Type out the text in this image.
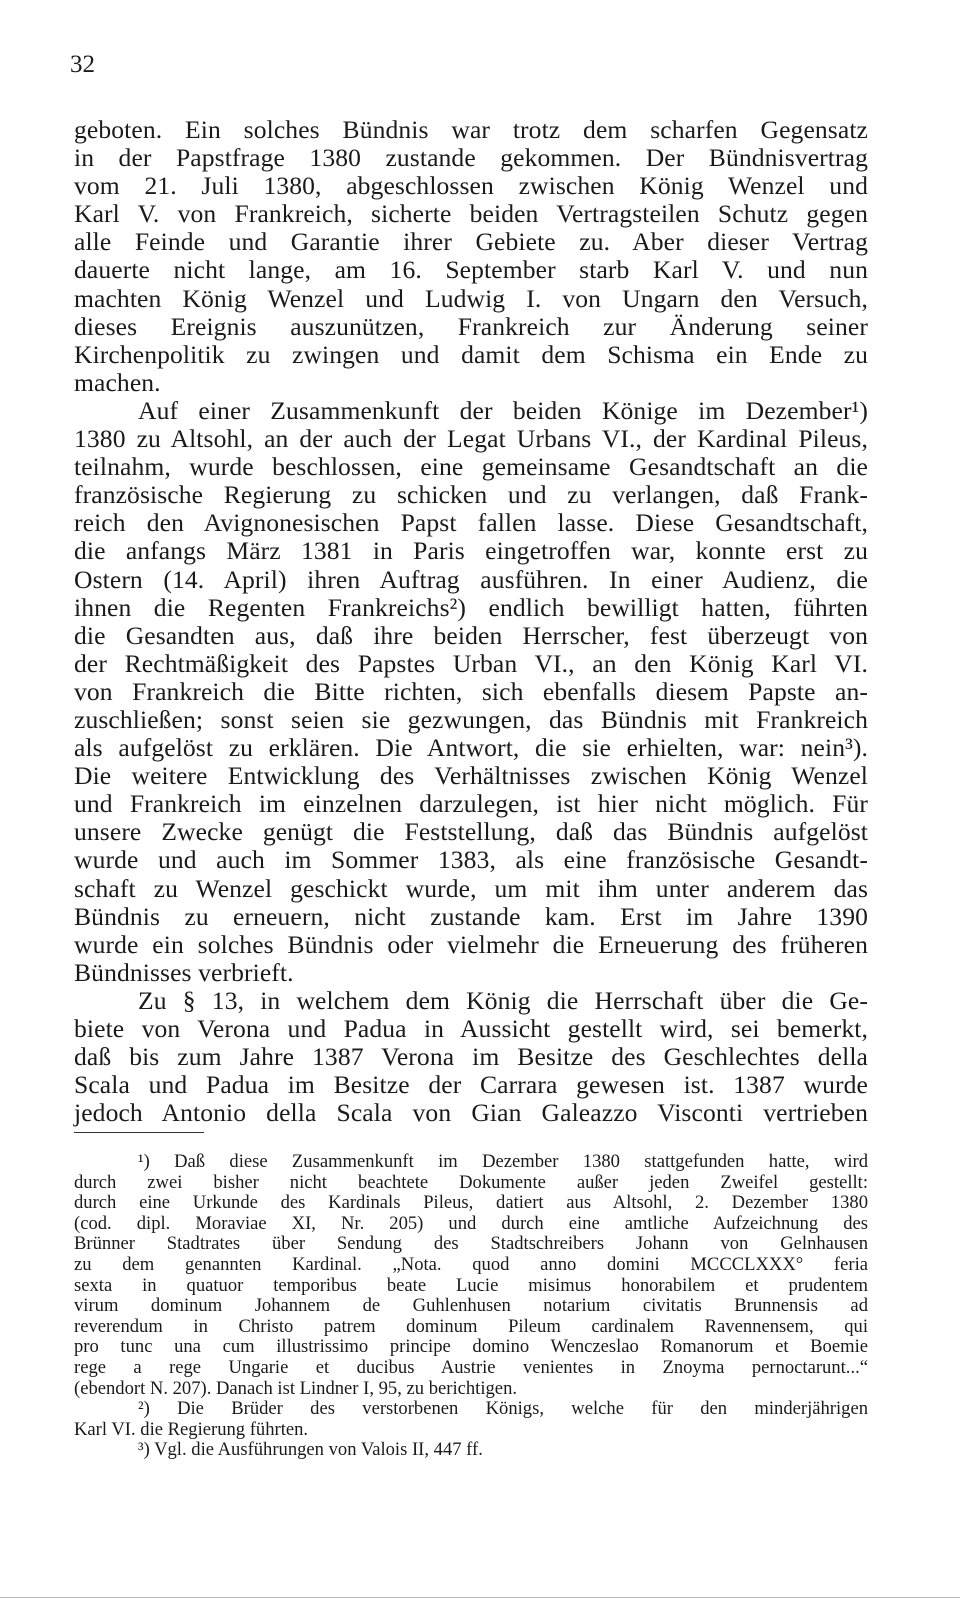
32
geboten. Ein solches Bündnis war trotz dem scharfen Gegensatz
in der Papstfrage 1380 zustande gekommen. Der Bündnisvertrag
vom 21. Juli 1380, abgeschlossen zwischen König Wenzel und
Karl V. von Frankreich, sicherte beiden Vertragsteilen Schutz gegen
alle Feinde und Garantie ihrer Gebiete zu. Aber dieser Vertrag
dauerte nicht lange, am 16. September starb Karl V. und nun
machten König Wenzel und Ludwig I. von Ungarn den Versuch,
dieses Ereignis auszunützen, Frankreich zur Änderung seiner
Kirchenpolitik zu zwingen und damit dem Schisma ein Ende zu
machen.
Auf einer Zusammenkunft der beiden Könige im Dezember¹)
1380 zu Altsohl, an der auch der Legat Urbans VI., der Kardinal Pileus,
teilnahm, wurde beschlossen, eine gemeinsame Gesandtschaft an die
französische Regierung zu schicken und zu verlangen, daß Frank-
reich den Avignonesischen Papst fallen lasse. Diese Gesandtschaft,
die anfangs März 1381 in Paris eingetroffen war, konnte erst zu
Ostern (14. April) ihren Auftrag ausführen. In einer Audienz, die
ihnen die Regenten Frankreichs²) endlich bewilligt hatten, führten
die Gesandten aus, daß ihre beiden Herrscher, fest überzeugt von
der Rechtmäßigkeit des Papstes Urban VI., an den König Karl VI.
von Frankreich die Bitte richten, sich ebenfalls diesem Papste an-
zuschließen; sonst seien sie gezwungen, das Bündnis mit Frankreich
als aufgelöst zu erklären. Die Antwort, die sie erhielten, war: nein³).
Die weitere Entwicklung des Verhältnisses zwischen König Wenzel
und Frankreich im einzelnen darzulegen, ist hier nicht möglich. Für
unsere Zwecke genügt die Feststellung, daß das Bündnis aufgelöst
wurde und auch im Sommer 1383, als eine französische Gesandt-
schaft zu Wenzel geschickt wurde, um mit ihm unter anderem das
Bündnis zu erneuern, nicht zustande kam. Erst im Jahre 1390
wurde ein solches Bündnis oder vielmehr die Erneuerung des früheren
Bündnisses verbrieft.
Zu § 13, in welchem dem König die Herrschaft über die Ge-
biete von Verona und Padua in Aussicht gestellt wird, sei bemerkt,
daß bis zum Jahre 1387 Verona im Besitze des Geschlechtes della
Scala und Padua im Besitze der Carrara gewesen ist. 1387 wurde
jedoch Antonio della Scala von Gian Galeazzo Visconti vertrieben
¹) Daß diese Zusammenkunft im Dezember 1380 stattgefunden hatte, wird
durch zwei bisher nicht beachtete Dokumente außer jeden Zweifel gestellt:
durch eine Urkunde des Kardinals Pileus, datiert aus Altsohl, 2. Dezember 1380
(cod. dipl. Moraviae XI, Nr. 205) und durch eine amtliche Aufzeichnung des
Brünner Stadtrates über Sendung des Stadtschreibers Johann von Gelnhausen
zu dem genannten Kardinal. „Nota. quod anno domini MCCCLXXX° feria
sexta in quatuor temporibus beate Lucie misimus honorabilem et prudentem
virum dominum Johannem de Guhlenhusen notarium civitatis Brunnensis ad
reverendum in Christo patrem dominum Pileum cardinalem Ravennensem, qui
pro tunc una cum illustrissimo principe domino Wenczeslao Romanorum et Boemie
rege a rege Ungarie et ducibus Austrie venientes in Znoyma pernoctarunt...“
(ebendort N. 207). Danach ist Lindner I, 95, zu berichtigen.
²) Die Brüder des verstorbenen Königs, welche für den minderjährigen
Karl VI. die Regierung führten.
³) Vgl. die Ausführungen von Valois II, 447 ff.
